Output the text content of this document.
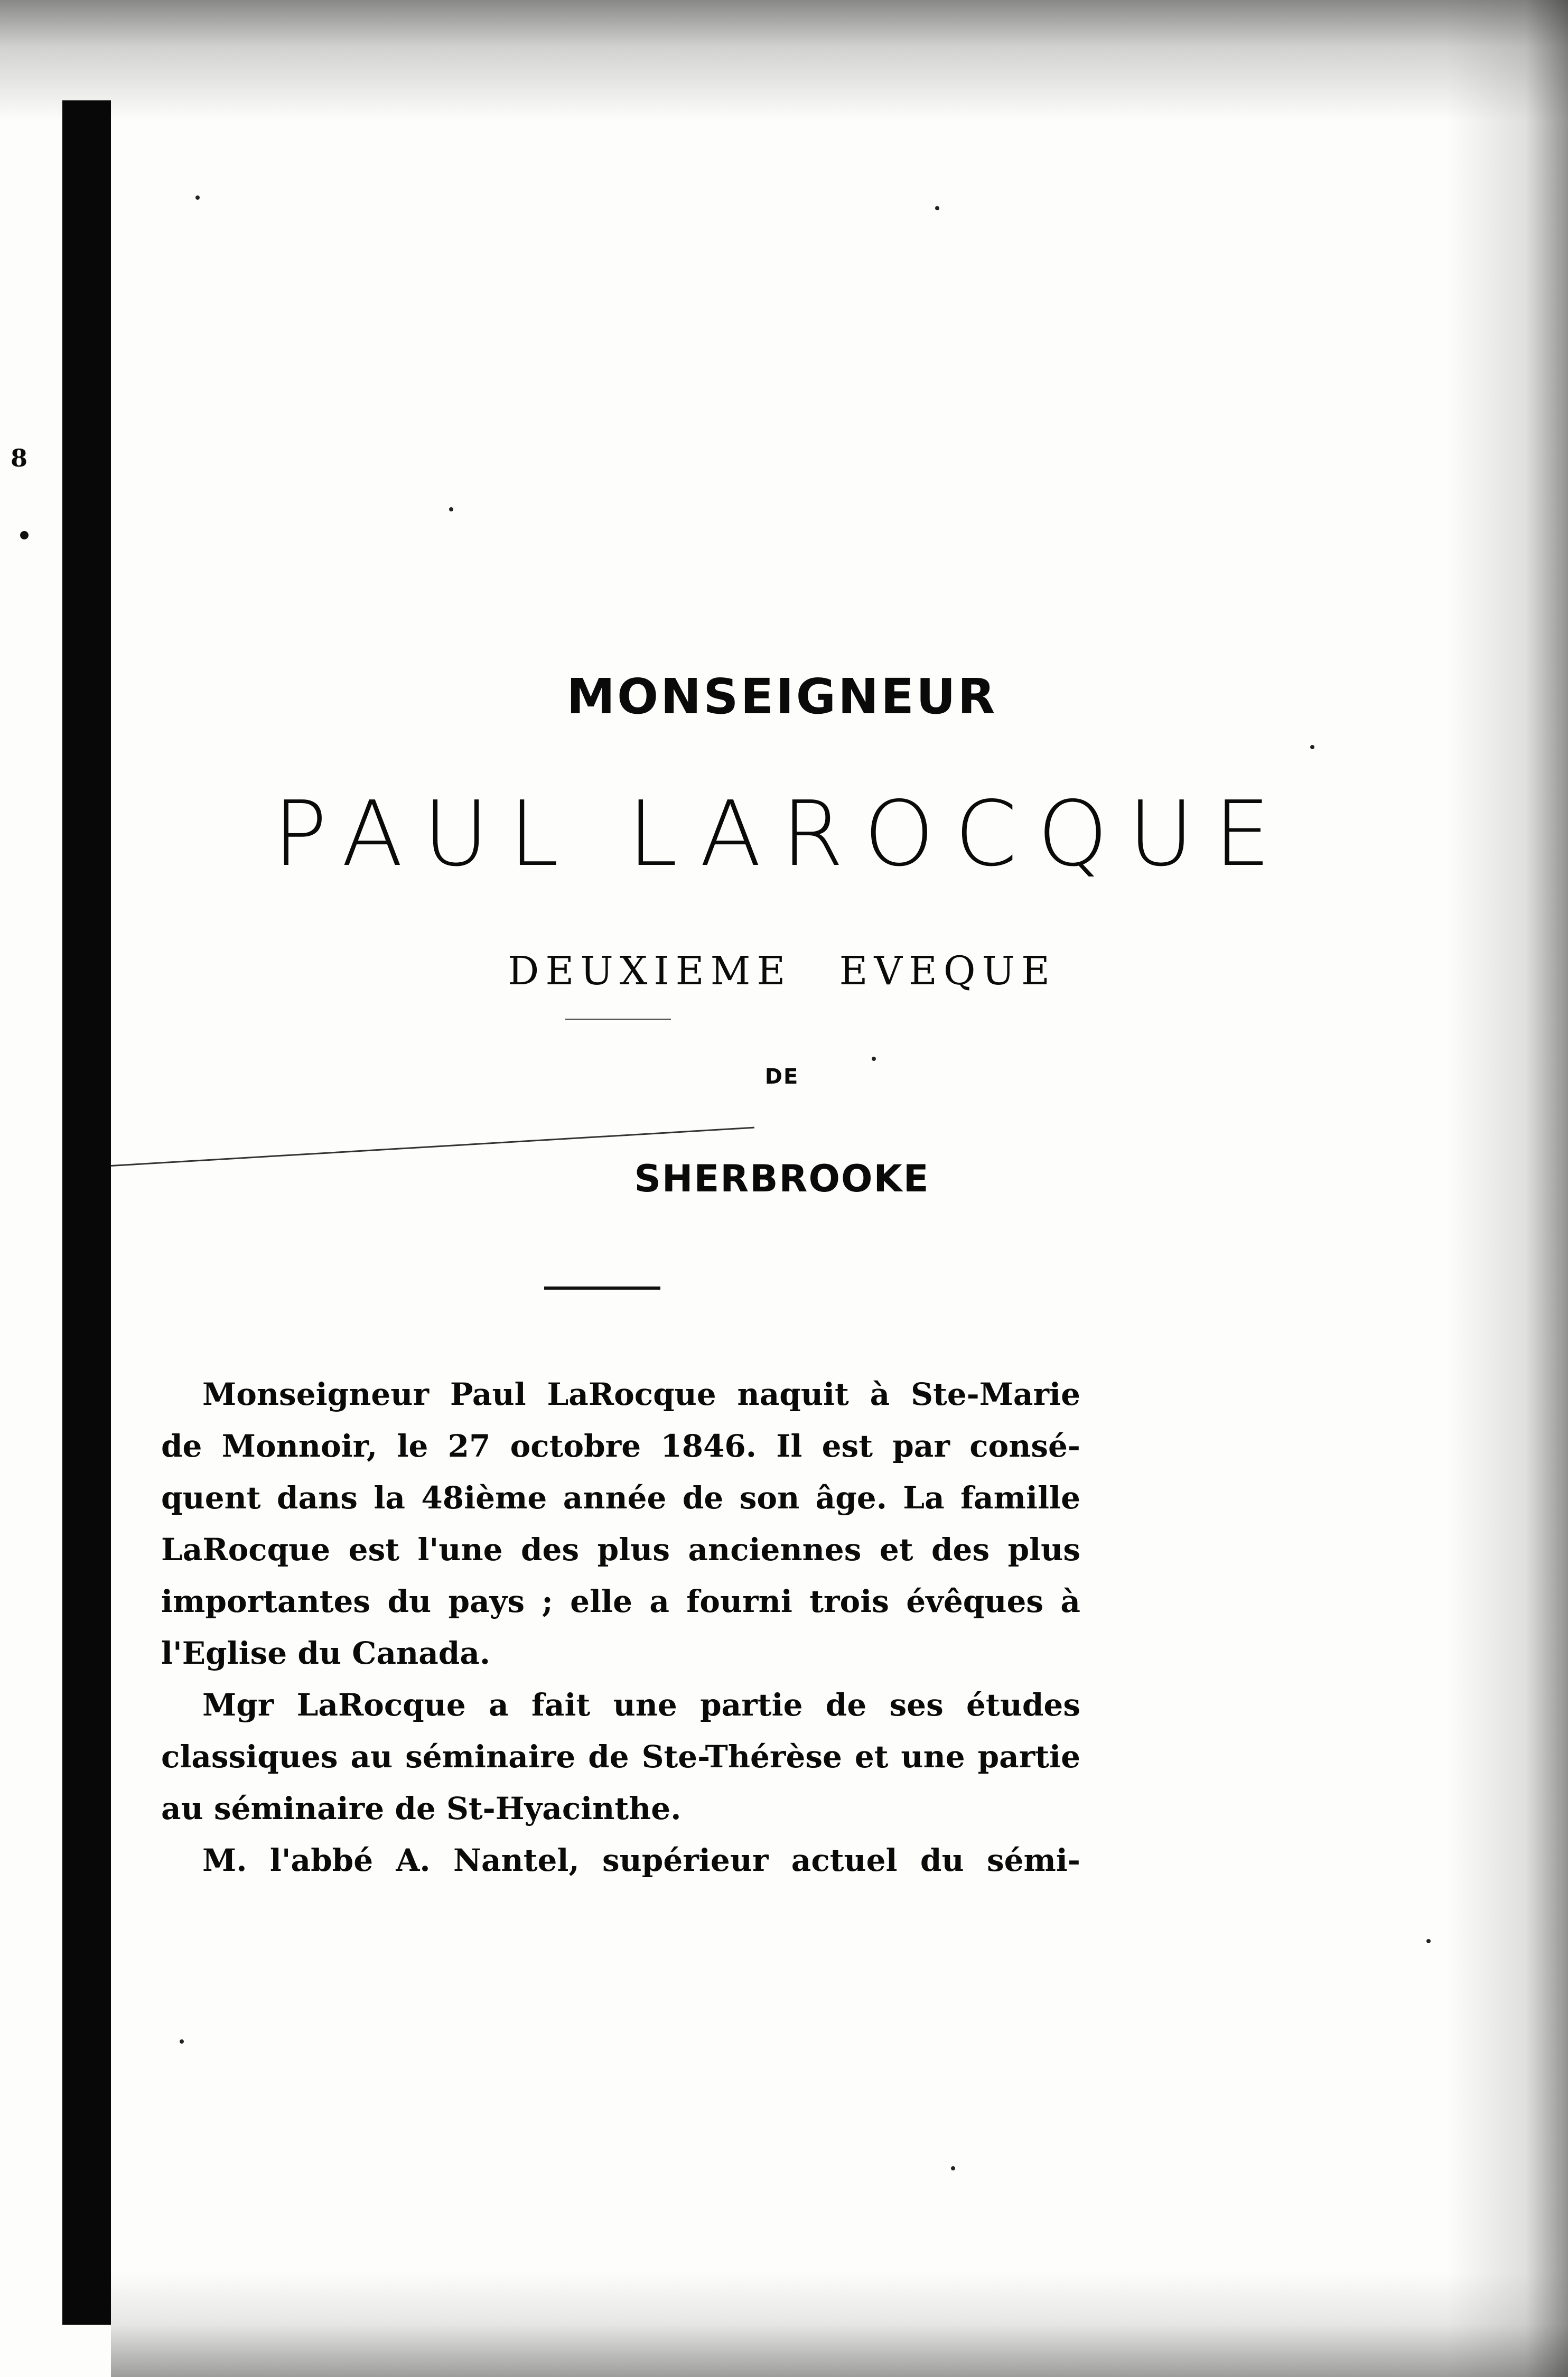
8
MONSEIGNEUR
PAUL LAROCQUE
DEUXIEME EVEQUE
DE
SHERBROOKE
Monseigneur Paul LaRocque naquit à Ste-Marie
de Monnoir, le 27 octobre 1846. Il est par consé-
quent dans la 48ième année de son âge. La famille
LaRocque est l'une des plus anciennes et des plus
importantes du pays ; elle a fourni trois évêques à
l'Eglise du Canada.
Mgr LaRocque a fait une partie de ses études
classiques au séminaire de Ste-Thérèse et une partie
au séminaire de St-Hyacinthe.
M. l'abbé A. Nantel, supérieur actuel du sémi-
